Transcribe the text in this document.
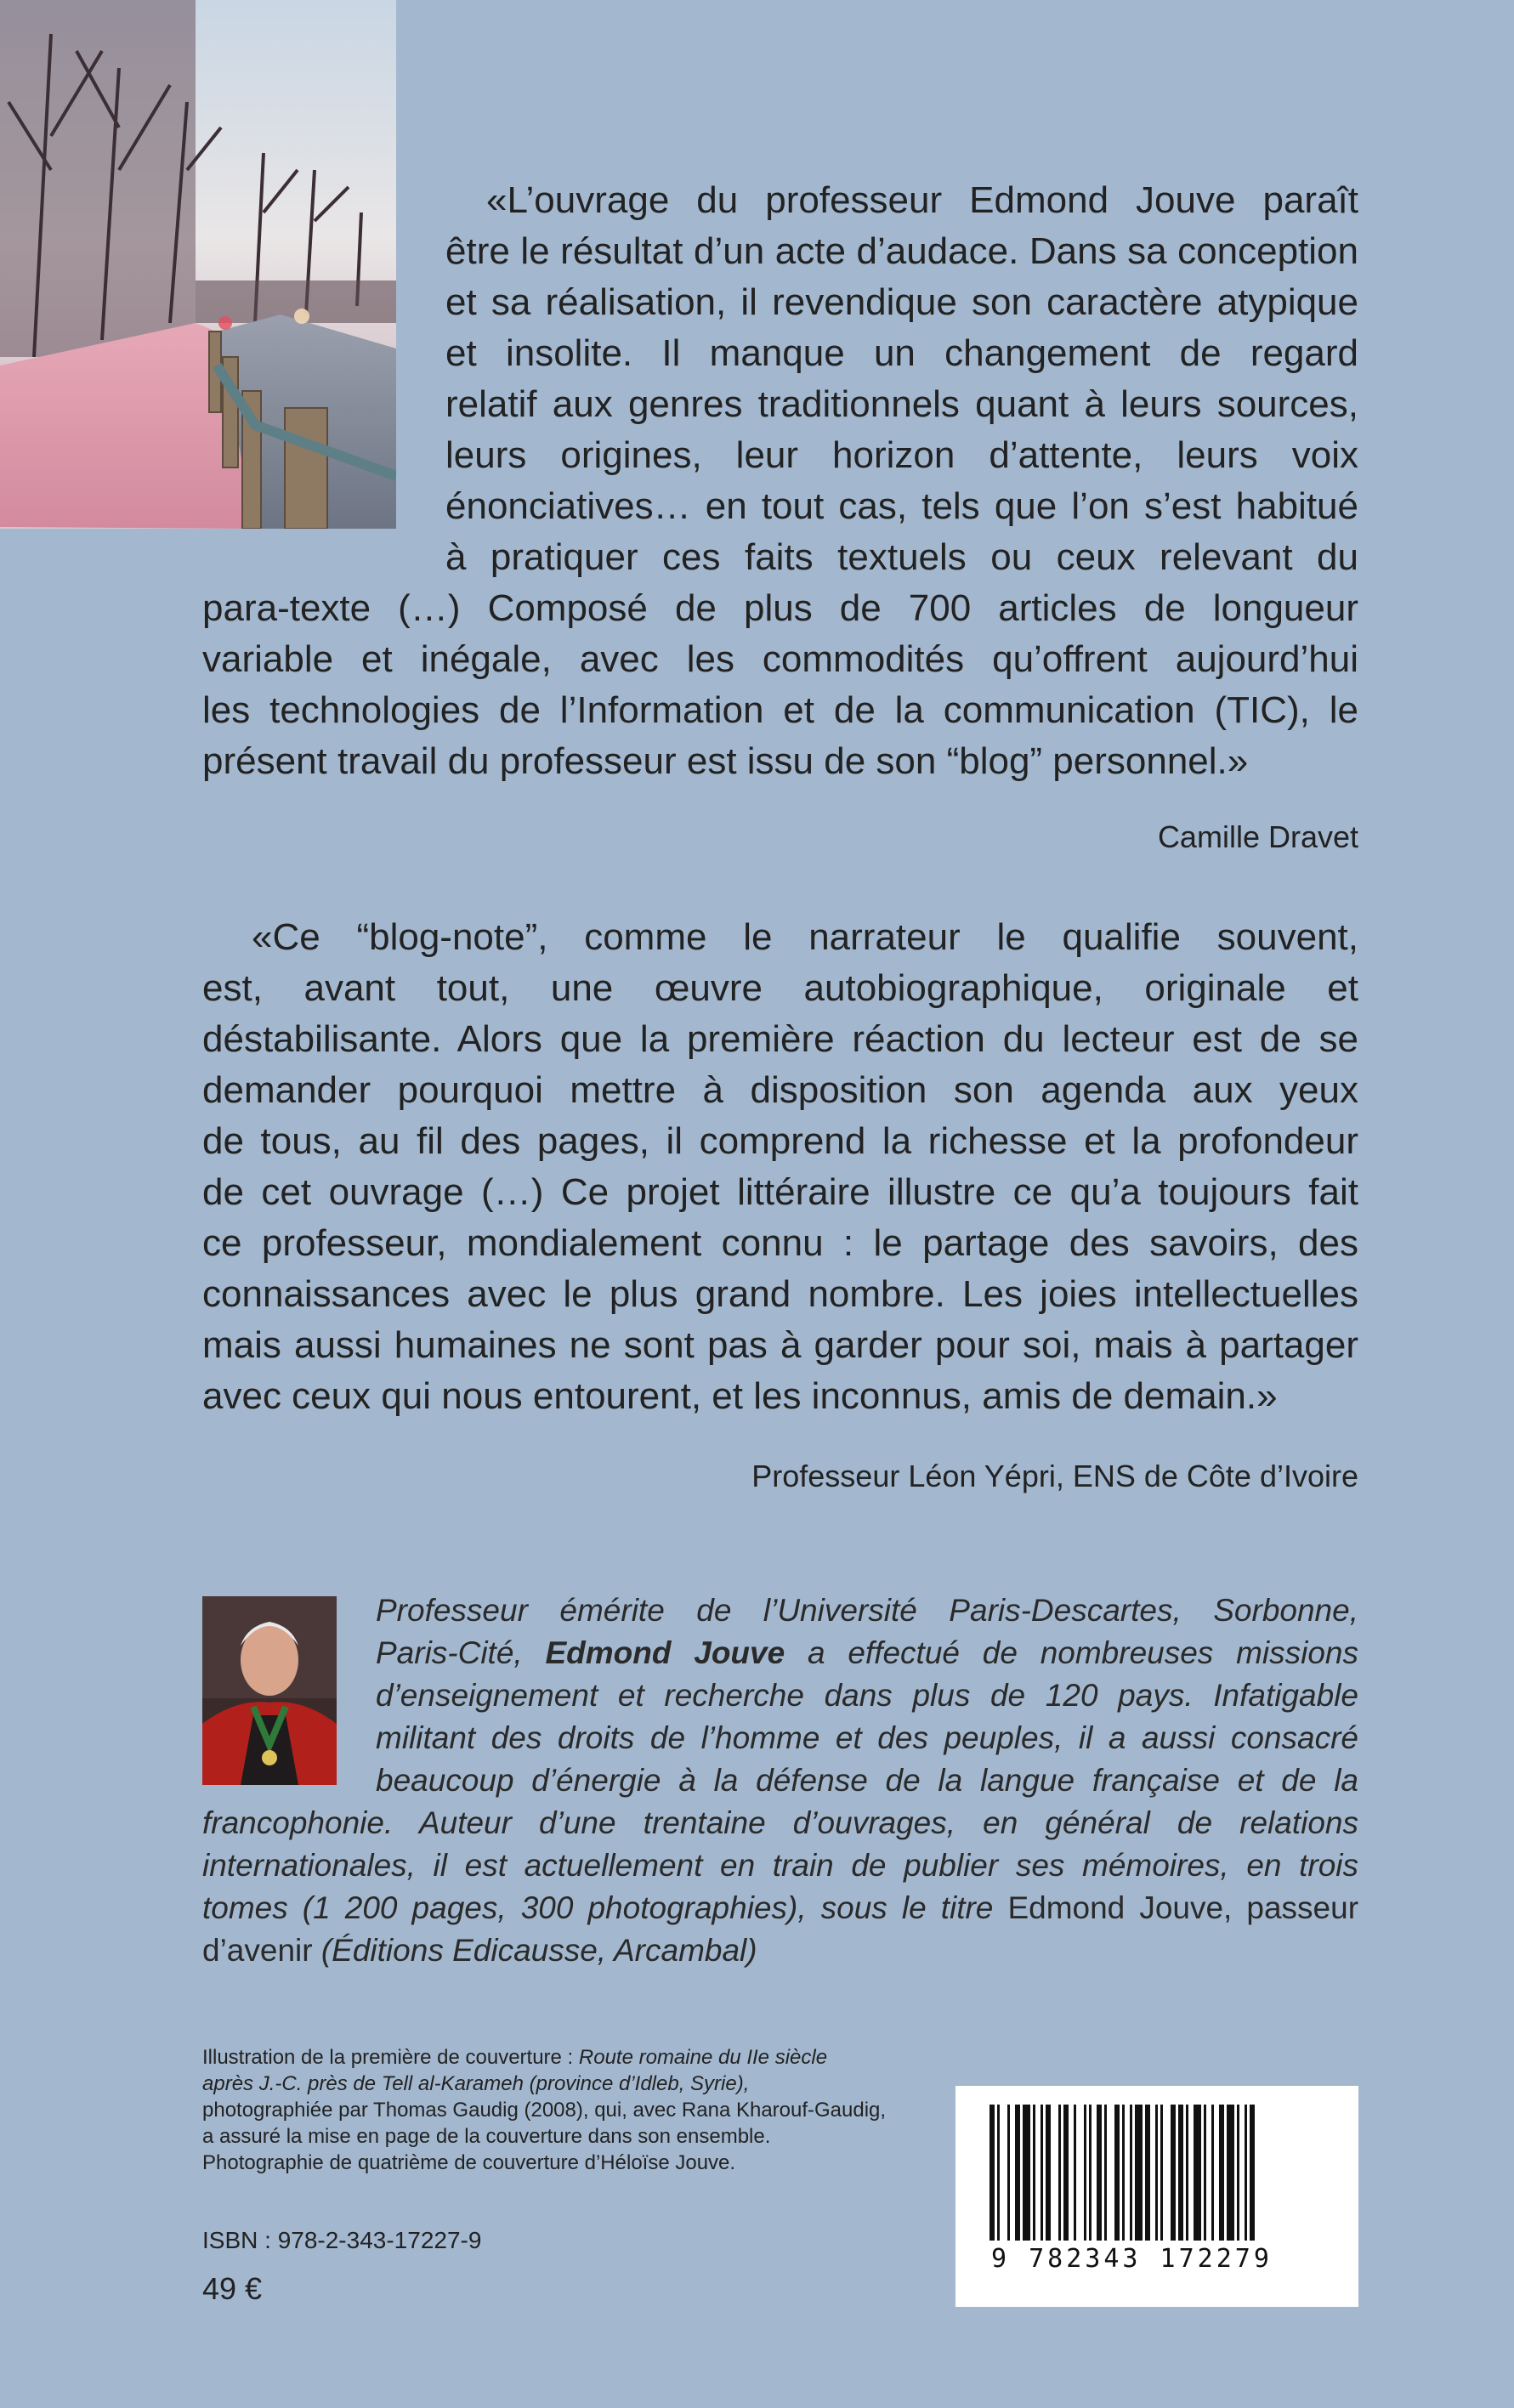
«L’ouvrage du professeur Edmond Jouve paraît
être le résultat d’un acte d’audace. Dans sa conception
et sa réalisation, il revendique son caractère atypique
et insolite. Il manque un changement de regard
relatif aux genres traditionnels quant à leurs sources,
leurs origines, leur horizon d’attente, leurs voix
énonciatives… en tout cas, tels que l’on s’est habitué
à pratiquer ces faits textuels ou ceux relevant du
para-texte (…) Composé de plus de 700 articles de longueur
variable et inégale, avec les commodités qu’offrent aujourd’hui
les technologies de l’Information et de la communication (TIC), le
présent travail du professeur est issu de son “blog” personnel.»
Camille Dravet
«Ce “blog-note”, comme le narrateur le qualifie souvent,
est, avant tout, une œuvre autobiographique, originale et
déstabilisante. Alors que la première réaction du lecteur est de se
demander pourquoi mettre à disposition son agenda aux yeux
de tous, au fil des pages, il comprend la richesse et la profondeur
de cet ouvrage (…) Ce projet littéraire illustre ce qu’a toujours fait
ce professeur, mondialement connu : le partage des savoirs, des
connaissances avec le plus grand nombre. Les joies intellectuelles
mais aussi humaines ne sont pas à garder pour soi, mais à partager
avec ceux qui nous entourent, et les inconnus, amis de demain.»
Professeur Léon Yépri, ENS de Côte d’Ivoire
Professeur émérite de l’Université Paris-Descartes, Sorbonne,
Paris-Cité, Edmond Jouve a effectué de nombreuses missions
d’enseignement et recherche dans plus de 120 pays. Infatigable
militant des droits de l’homme et des peuples, il a aussi consacré
beaucoup d’énergie à la défense de la langue française et de la
francophonie. Auteur d’une trentaine d’ouvrages, en général de relations
internationales, il est actuellement en train de publier ses mémoires, en trois
tomes (1 200 pages, 300 photographies), sous le titre Edmond Jouve, passeur
d’avenir (Éditions Edicausse, Arcambal)
Illustration de la première de couverture : Route romaine du IIe siècle
après J.-C. près de Tell al-Karameh (province d’Idleb, Syrie),
photographiée par Thomas Gaudig (2008), qui, avec Rana Kharouf-Gaudig,
a assuré la mise en page de la couverture dans son ensemble.
Photographie de quatrième de couverture d’Héloïse Jouve.
ISBN : 978-2-343-17227-9
49 €
9 782343 172279
